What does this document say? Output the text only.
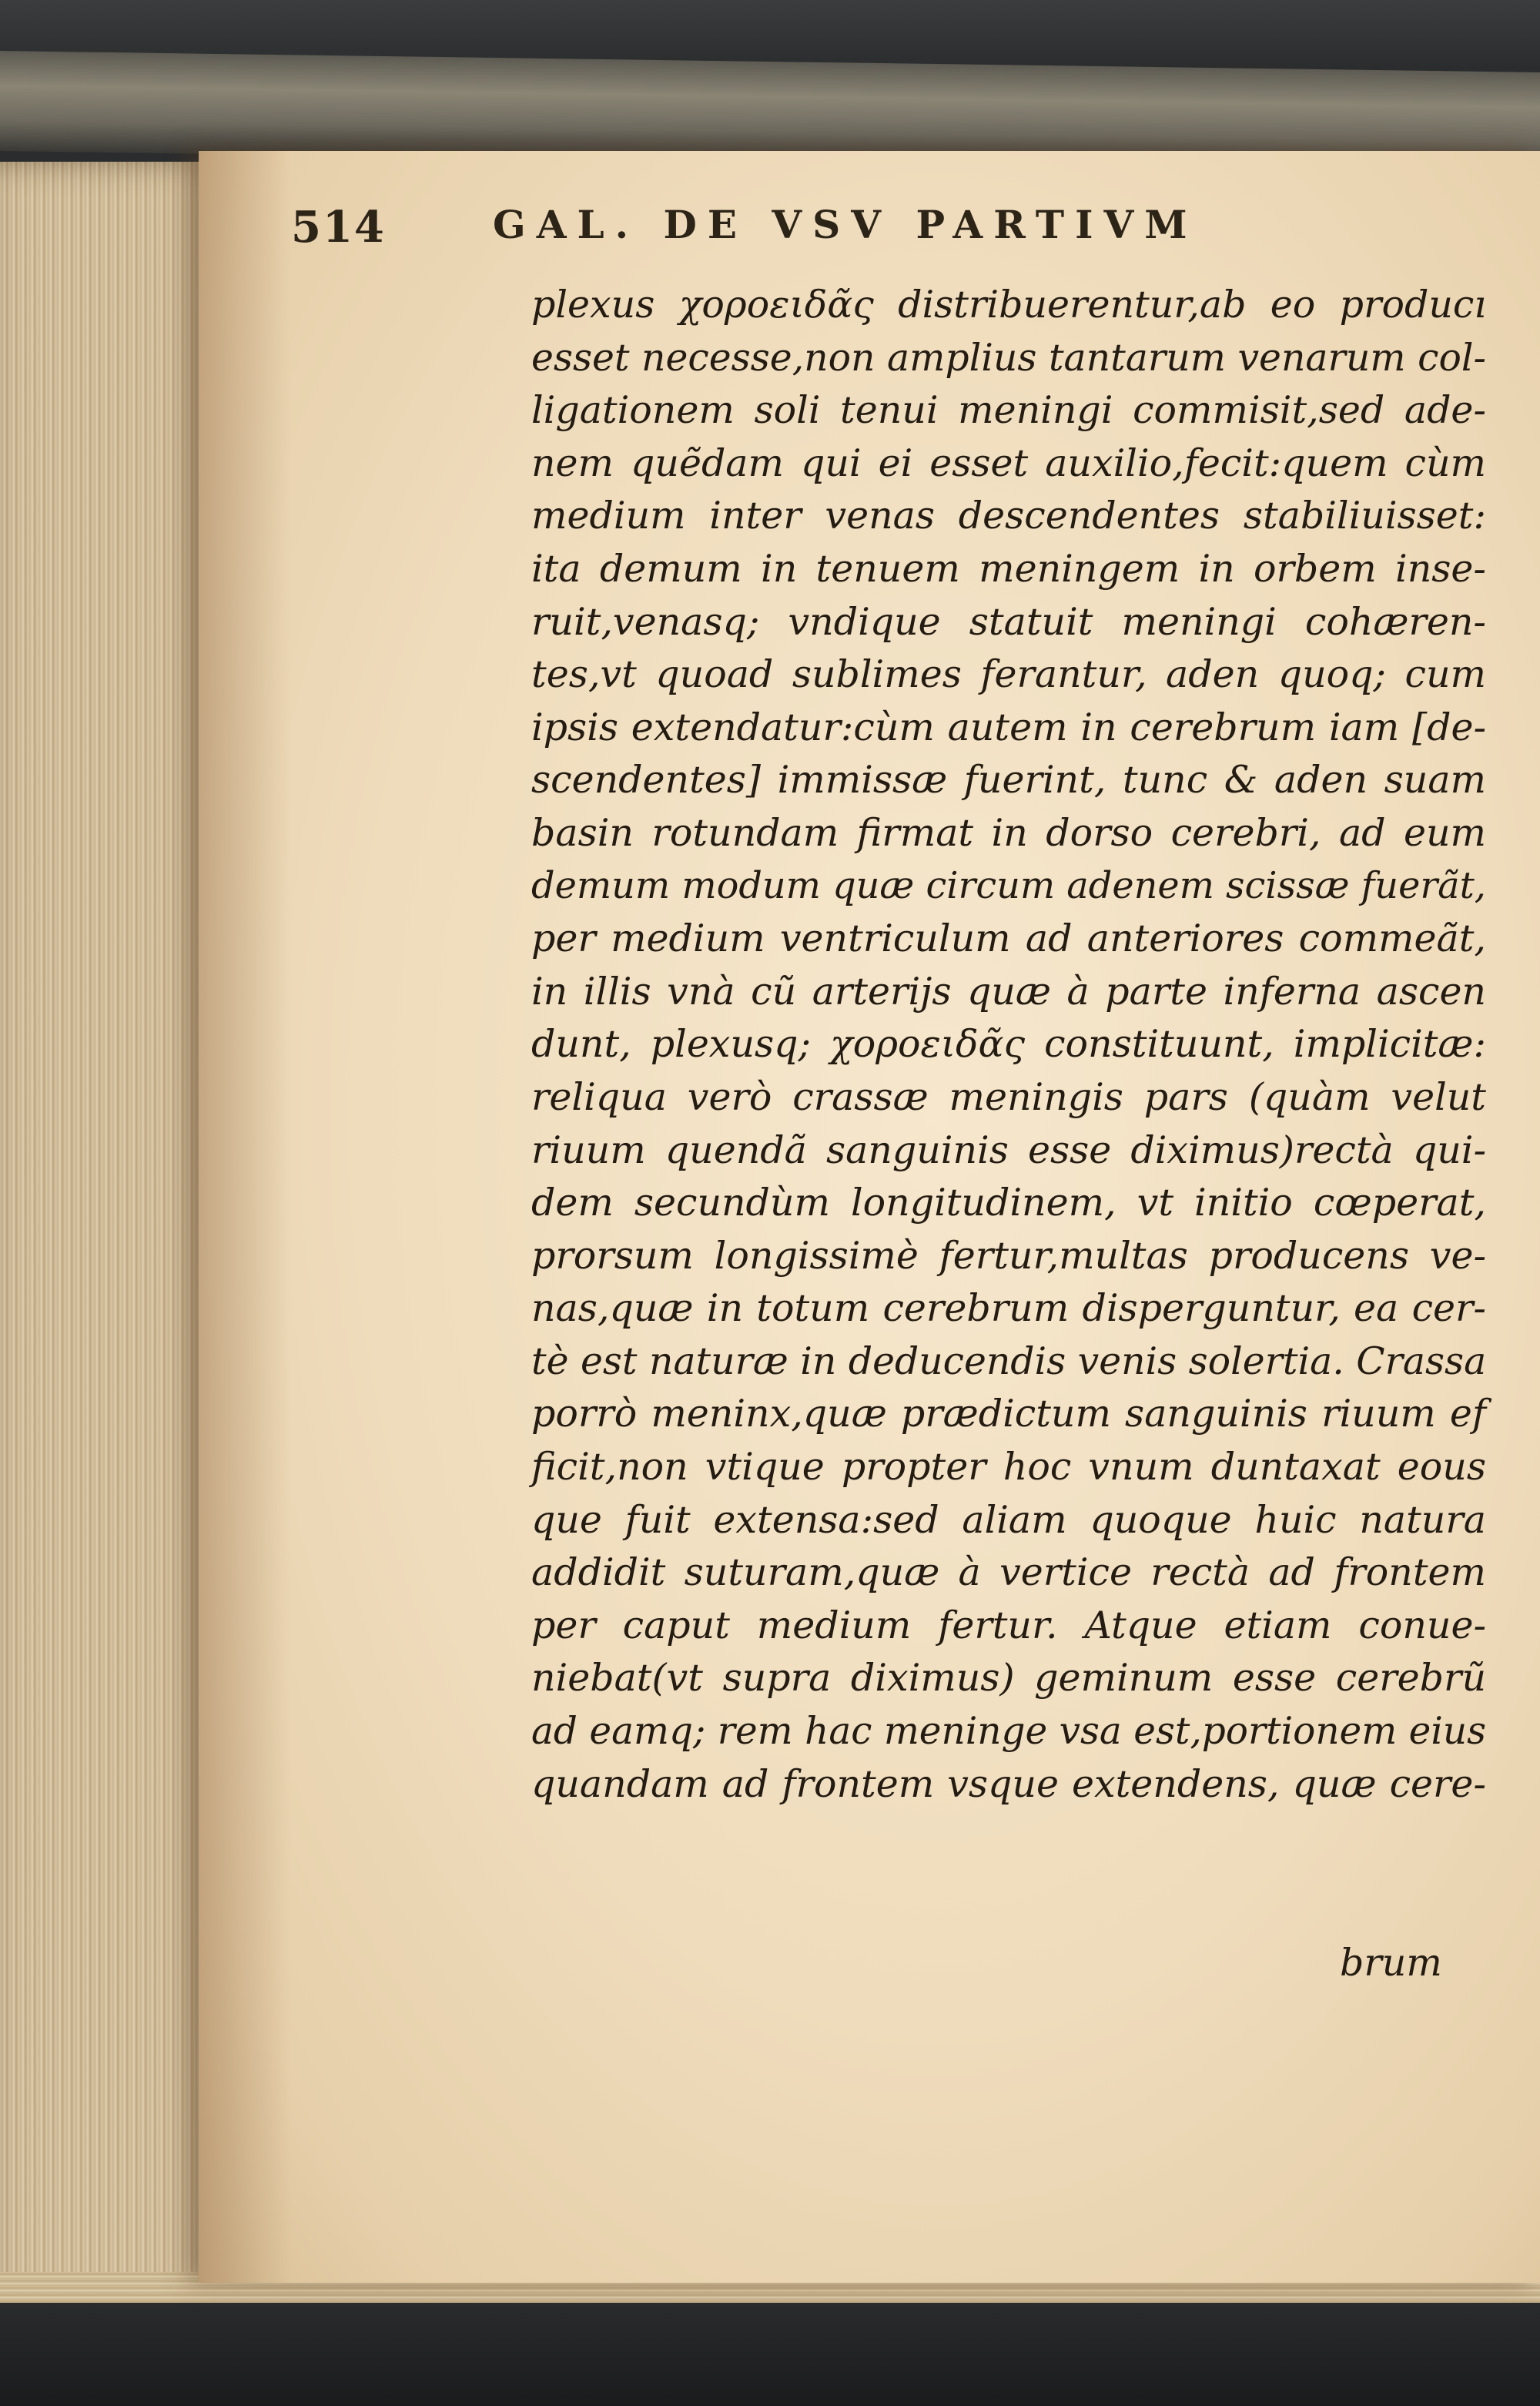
514	GAL. DE VSV PARTIVM
plexus χοροειδᾶς distribuerentur,ab eo producı
esset necesse,non amplius tantarum venarum col-
ligationem soli tenui meningi commisit,sed ade-
nem quẽdam qui ei esset auxilio,fecit:quem cùm
medium inter venas descendentes stabiliuisset:
ita demum in tenuem meningem in orbem inse-
ruit,venasq; vndique statuit meningi cohæren-
tes,vt quoad sublimes ferantur, aden quoq; cum
ipsis extendatur:cùm autem in cerebrum iam [de-
scendentes] immissæ fuerint, tunc & aden suam
basin rotundam firmat in dorso cerebri, ad eum
demum modum quæ circum adenem scissæ fuerãt,
per medium ventriculum ad anteriores commeãt,
in illis vnà cũ arterijs quæ à parte inferna ascen
dunt, plexusq; χοροειδᾶς constituunt, implicitæ:
reliqua verò crassæ meningis pars (quàm velut
riuum quendã sanguinis esse diximus)rectà qui-
dem secundùm longitudinem, vt initio cœperat,
prorsum longissimè fertur,multas producens ve-
nas,quæ in totum cerebrum disperguntur, ea cer-
tè est naturæ in deducendis venis solertia. Crassa
porrò meninx,quæ prædictum sanguinis riuum ef
ficit,non vtique propter hoc vnum duntaxat eous
que fuit extensa:sed aliam quoque huic natura
addidit suturam,quæ à vertice rectà ad frontem
per caput medium fertur. Atque etiam conue-
niebat(vt supra diximus) geminum esse cerebrũ
ad eamq; rem hac meninge vsa est,portionem eius
quandam ad frontem vsque extendens, quæ cere-
brum
